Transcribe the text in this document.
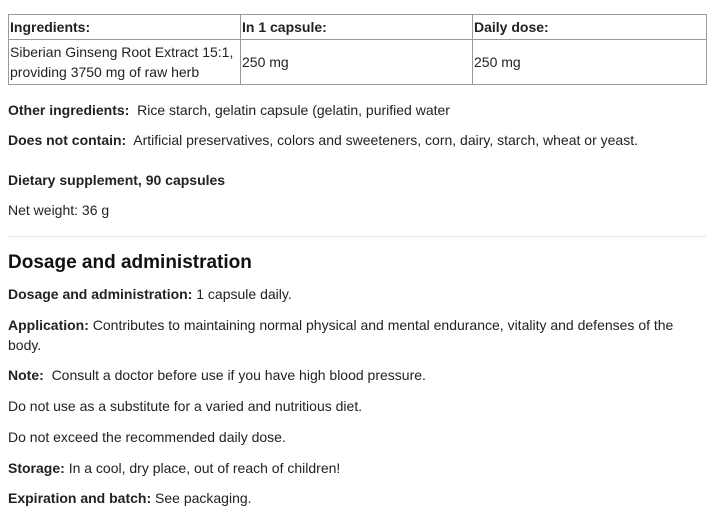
Ingredients:	In 1 capsule:	Daily dose:
Siberian Ginseng Root Extract 15:1,
providing 3750 mg of raw herb	250 mg	250 mg

Other ingredients: Rice starch, gelatin capsule (gelatin, purified water

Does not contain: Artificial preservatives, colors and sweeteners, corn, dairy, starch, wheat or yeast.

Dietary supplement, 90 capsules

Net weight: 36 g

Dosage and administration

Dosage and administration: 1 capsule daily.

Application: Contributes to maintaining normal physical and mental endurance, vitality and defenses of the
body.

Note: Consult a doctor before use if you have high blood pressure.

Do not use as a substitute for a varied and nutritious diet.

Do not exceed the recommended daily dose.

Storage: In a cool, dry place, out of reach of children!

Expiration and batch: See packaging.
